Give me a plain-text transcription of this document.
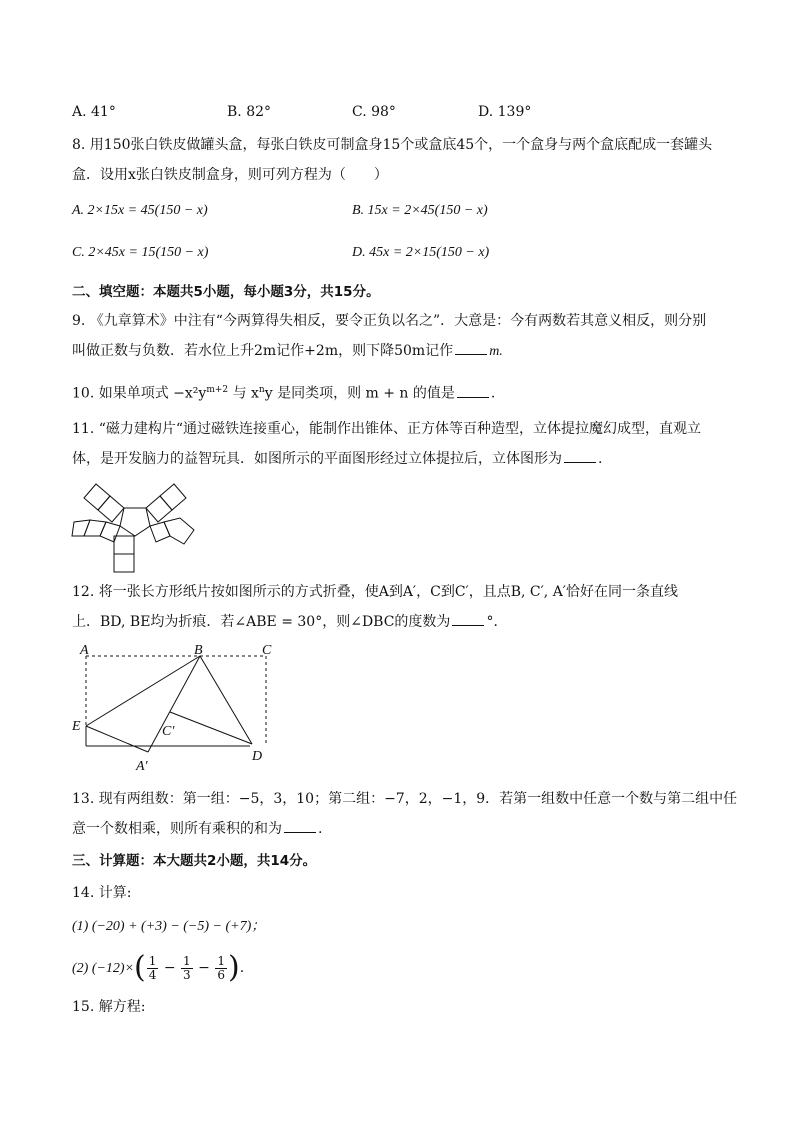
A. 41°	B. 82°	C. 98°	D. 139°
8. 用150张白铁皮做罐头盒，每张白铁皮可制盒身15个或盒底45个，一个盒身与两个盒底配成一套罐头
盒．设用x张白铁皮制盒身，则可列方程为（　　）
A. 2×15x = 45(150 − x)	B. 15x = 2×45(150 − x)
C. 2×45x = 15(150 − x)	D. 45x = 2×15(150 − x)
二、填空题：本题共5小题，每小题3分，共15分。
9. 《九章算术》中注有“今两算得失相反，要令正负以名之”．大意是：今有两数若其意义相反，则分别
叫做正数与负数．若水位上升2m记作+2m，则下降50m记作	m.
10. 如果单项式 $-x^2y^{m+2}$ 与 $x^ny$ 是同类项，则 m + n 的值是	.
11. “磁力建构片“通过磁铁连接重心，能制作出锥体、正方体等百种造型，立体提拉魔幻成型，直观立
体，是开发脑力的益智玩具．如图所示的平面图形经过立体提拉后，立体图形为	.
12. 将一张长方形纸片按如图所示的方式折叠，使A到A′，C到C′，且点B, C′, A′恰好在同一条直线
上．BD, BE均为折痕．若∠ABE = 30°，则∠DBC的度数为	°．
A	B	C
E	C′
A′
D
13. 现有两组数：第一组：−5，3，10；第二组：−7，2，−1，9．若第一组数中任意一个数与第二组中任
意一个数相乘，则所有乘积的和为	.
三、计算题：本大题共2小题，共14分。
14. 计算:
(1) (−20) + (+3) − (−5) − (+7)；
(2) $(-12)\times( \frac{1}{4} - \frac{1}{3} - \frac{1}{6}$ ).
15. 解方程:
